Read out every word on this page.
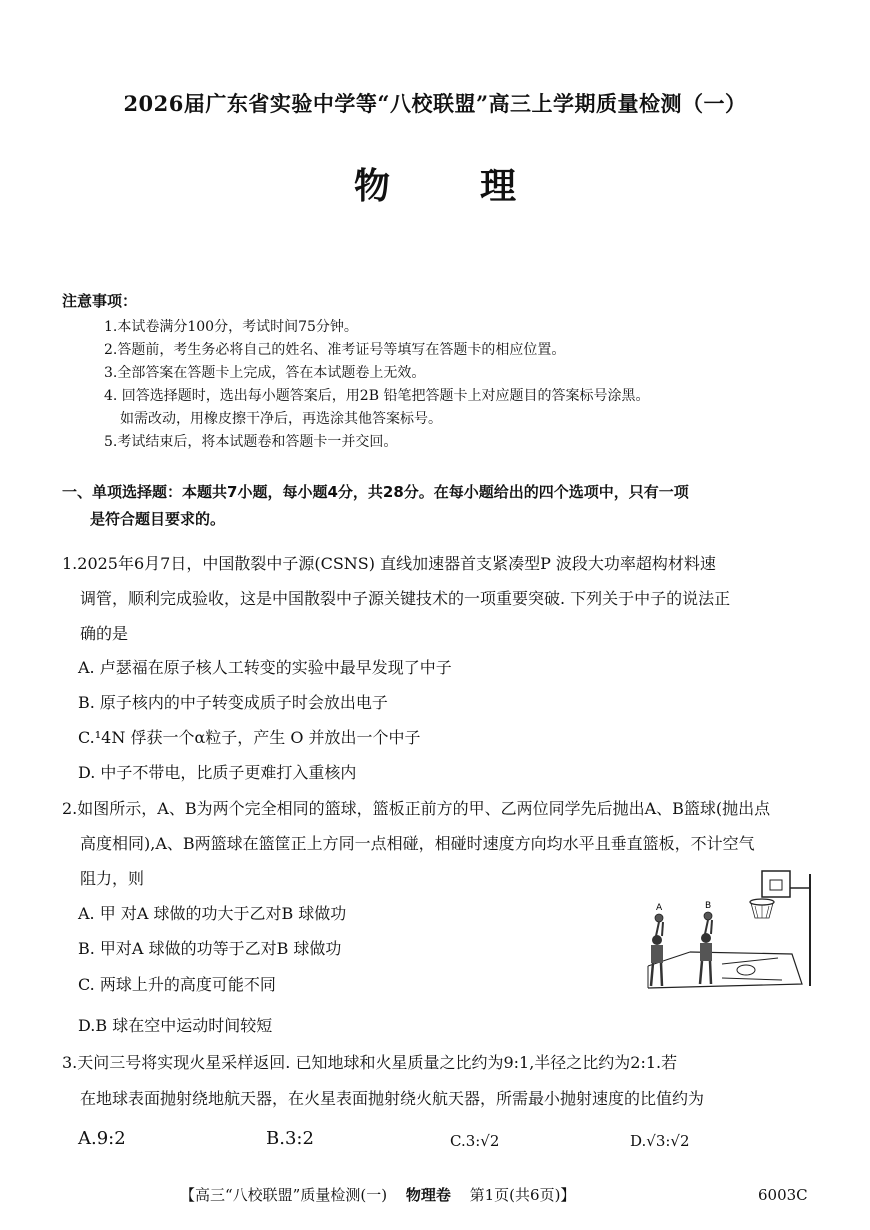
2026届广东省实验中学等“八校联盟”高三上学期质量检测（一）
物理
注意事项：
1.本试卷满分100分，考试时间75分钟。
2.答题前，考生务必将自己的姓名、准考证号等填写在答题卡的相应位置。
3.全部答案在答题卡上完成，答在本试题卷上无效。
4. 回答选择题时，选出每小题答案后，用2B 铅笔把答题卡上对应题目的答案标号涂黑。
如需改动，用橡皮擦干净后，再选涂其他答案标号。
5.考试结束后，将本试题卷和答题卡一并交回。
一、单项选择题：本题共7小题，每小题4分，共28分。在每小题给出的四个选项中，只有一项
是符合题目要求的。
1.2025年6月7日，中国散裂中子源(CSNS) 直线加速器首支紧凑型P 波段大功率超构材料速
调管，顺利完成验收，这是中国散裂中子源关键技术的一项重要突破. 下列关于中子的说法正
确的是
A. 卢瑟福在原子核人工转变的实验中最早发现了中子
B. 原子核内的中子转变成质子时会放出电子
C.¹4N 俘获一个α粒子，产生 O 并放出一个中子
D. 中子不带电，比质子更难打入重核内
2.如图所示，A、B为两个完全相同的篮球，篮板正前方的甲、乙两位同学先后抛出A、B篮球(抛出点
高度相同),A、B两篮球在篮筐正上方同一点相碰，相碰时速度方向均水平且垂直篮板，不计空气
阻力，则
A. 甲 对A 球做的功大于乙对B 球做功
B. 甲对A 球做的功等于乙对B 球做功
C. 两球上升的高度可能不同
D.B 球在空中运动时间较短
A	B
3.天问三号将实现火星采样返回. 已知地球和火星质量之比约为9:1,半径之比约为2:1.若
在地球表面抛射绕地航天器，在火星表面抛射绕火航天器，所需最小抛射速度的比值约为
A.9:2	B.3:2	C.3:√2	D.√3:√2
【高三“八校联盟”质量检测(一) 物理卷 第1页(共6页)】	6003C
